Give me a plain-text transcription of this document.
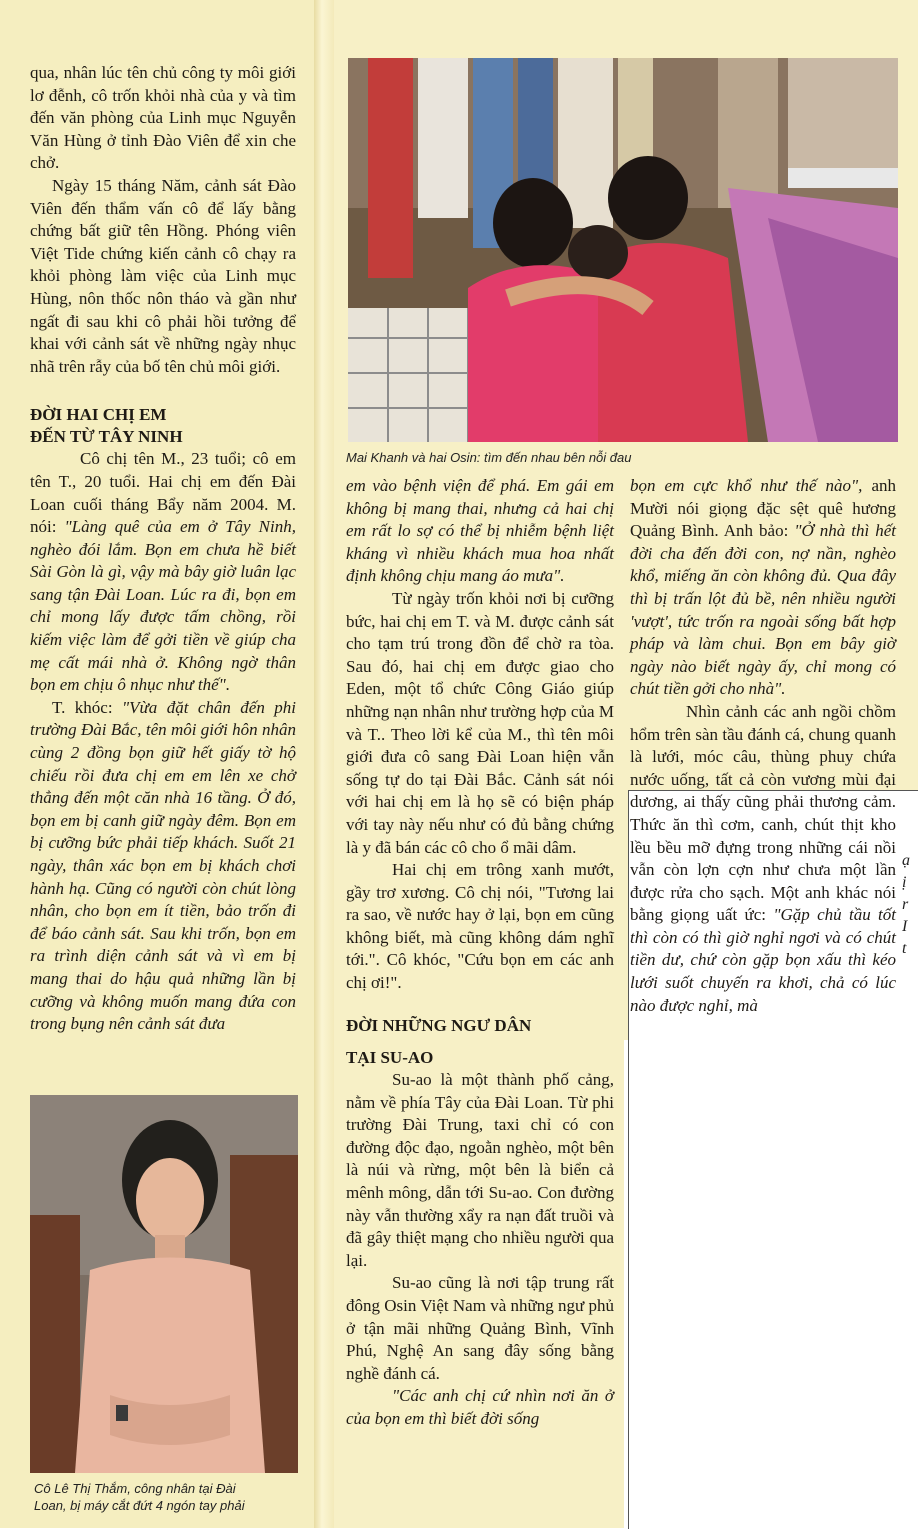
qua, nhân lúc tên chủ công ty môi giới lơ đễnh, cô trốn khỏi nhà của y và tìm đến văn phòng của Linh mục Nguyễn Văn Hùng ở tỉnh Đào Viên để xin che chở.

Ngày 15 tháng Năm, cảnh sát Đào Viên đến thẩm vấn cô để lấy bằng chứng bất giữ tên Hồng. Phóng viên Việt Tide chứng kiến cảnh cô chạy ra khỏi phòng làm việc của Linh mục Hùng, nôn thốc nôn tháo và gần như ngất đi sau khi cô phải hồi tưởng để khai với cảnh sát về những ngày nhục nhã trên rẫy của bố tên chủ môi giới.

ĐỜI HAI CHỊ EM
ĐẾN TỪ TÂY NINH

Cô chị tên M., 23 tuổi; cô em tên T., 20 tuổi. Hai chị em đến Đài Loan cuối tháng Bẩy năm 2004. M. nói: "Làng quê của em ở Tây Ninh, nghèo đói lắm. Bọn em chưa hề biết Sài Gòn là gì, vậy mà bây giờ luân lạc sang tận Đài Loan. Lúc ra đi, bọn em chỉ mong lấy được tấm chồng, rồi kiếm việc làm để gởi tiền về giúp cha mẹ cất mái nhà ở. Không ngờ thân bọn em chịu ô nhục như thế".

T. khóc: "Vừa đặt chân đến phi trường Đài Bắc, tên môi giới hôn nhân cùng 2 đồng bọn giữ hết giấy tờ hộ chiếu rồi đưa chị em em lên xe chở thẳng đến một căn nhà 16 tầng. Ở đó, bọn em bị canh giữ ngày đêm. Bọn em bị cưỡng bức phải tiếp khách. Suốt 21 ngày, thân xác bọn em bị khách chơi hành hạ. Cũng có người còn chút lòng nhân, cho bọn em ít tiền, bảo trốn đi để báo cảnh sát. Sau khi trốn, bọn em ra trình diện cảnh sát và vì em bị mang thai do hậu quả những lần bị cưỡng và không muốn mang đứa con trong bụng nên cảnh sát đưa

Mai Khanh và hai Osin: tìm đến nhau bên nỗi đau

em vào bệnh viện để phá. Em gái em không bị mang thai, nhưng cả hai chị em rất lo sợ có thể bị nhiễm bệnh liệt kháng vì nhiều khách mua hoa nhất định không chịu mang áo mưa".

Từ ngày trốn khỏi nơi bị cưỡng bức, hai chị em T. và M. được cảnh sát cho tạm trú trong đồn để chờ ra tòa. Sau đó, hai chị em được giao cho Eden, một tổ chức Công Giáo giúp những nạn nhân như trường hợp của M và T.. Theo lời kể của M., thì tên môi giới đưa cô sang Đài Loan hiện vẫn sống tự do tại Đài Bắc. Cảnh sát nói với hai chị em là họ sẽ có biện pháp với tay này nếu như có đủ bằng chứng là y đã bán các cô cho ổ mãi dâm.

Hai chị em trông xanh mướt, gầy trơ xương. Cô chị nói, "Tương lai ra sao, về nước hay ở lại, bọn em cũng không biết, mà cũng không dám nghĩ tới.". Cô khóc, "Cứu bọn em các anh chị ơi!".

ĐỜI NHỮNG NGƯ DÂN
TẠI SU-AO

Su-ao là một thành phố cảng, nằm về phía Tây của Đài Loan. Từ phi trường Đài Trung, taxi chỉ có con đường độc đạo, ngoằn nghèo, một bên là núi và rừng, một bên là biển cả mênh mông, dẫn tới Su-ao. Con đường này vẫn thường xẩy ra nạn đất truồi và đã gây thiệt mạng cho nhiều người qua lại.

Su-ao cũng là nơi tập trung rất đông Osin Việt Nam và những ngư phủ ở tận mãi những Quảng Bình, Vĩnh Phú, Nghệ An sang đây sống bằng nghề đánh cá.

"Các anh chị cứ nhìn nơi ăn ở của bọn em thì biết đời sống

bọn em cực khổ như thế nào", anh Mười nói giọng đặc sệt quê hương Quảng Bình. Anh bảo: "Ở nhà thì hết đời cha đến đời con, nợ nần, nghèo khổ, miếng ăn còn không đủ. Qua đây thì bị trấn lột đủ bề, nên nhiều người 'vượt', tức trốn ra ngoài sống bất hợp pháp và làm chui. Bọn em bây giờ ngày nào biết ngày ấy, chỉ mong có chút tiền gởi cho nhà".

Nhìn cảnh các anh ngồi chồm hổm trên sàn tầu đánh cá, chung quanh là lưới, móc câu, thùng phuy chứa nước uống, tất cả còn vương mùi đại dương, ai thấy cũng phải thương cảm. Thức ăn thì cơm, canh, chút thịt kho lều bều mỡ đựng trong những cái nồi vẫn còn lợn cợn như chưa một lần được rửa cho sạch. Một anh khác nói bằng giọng uất ức: "Gặp chủ tầu tốt thì còn có thì giờ nghỉ ngơi và có chút tiền dư, chứ còn gặp bọn xấu thì kéo lưới suốt chuyến ra khơi, chả có lúc nào được nghỉ, mà

ạ
ị
r
I
t
Cô Lê Thị Thắm, công nhân tại Đài
Loan, bị máy cắt đứt 4 ngón tay phải
